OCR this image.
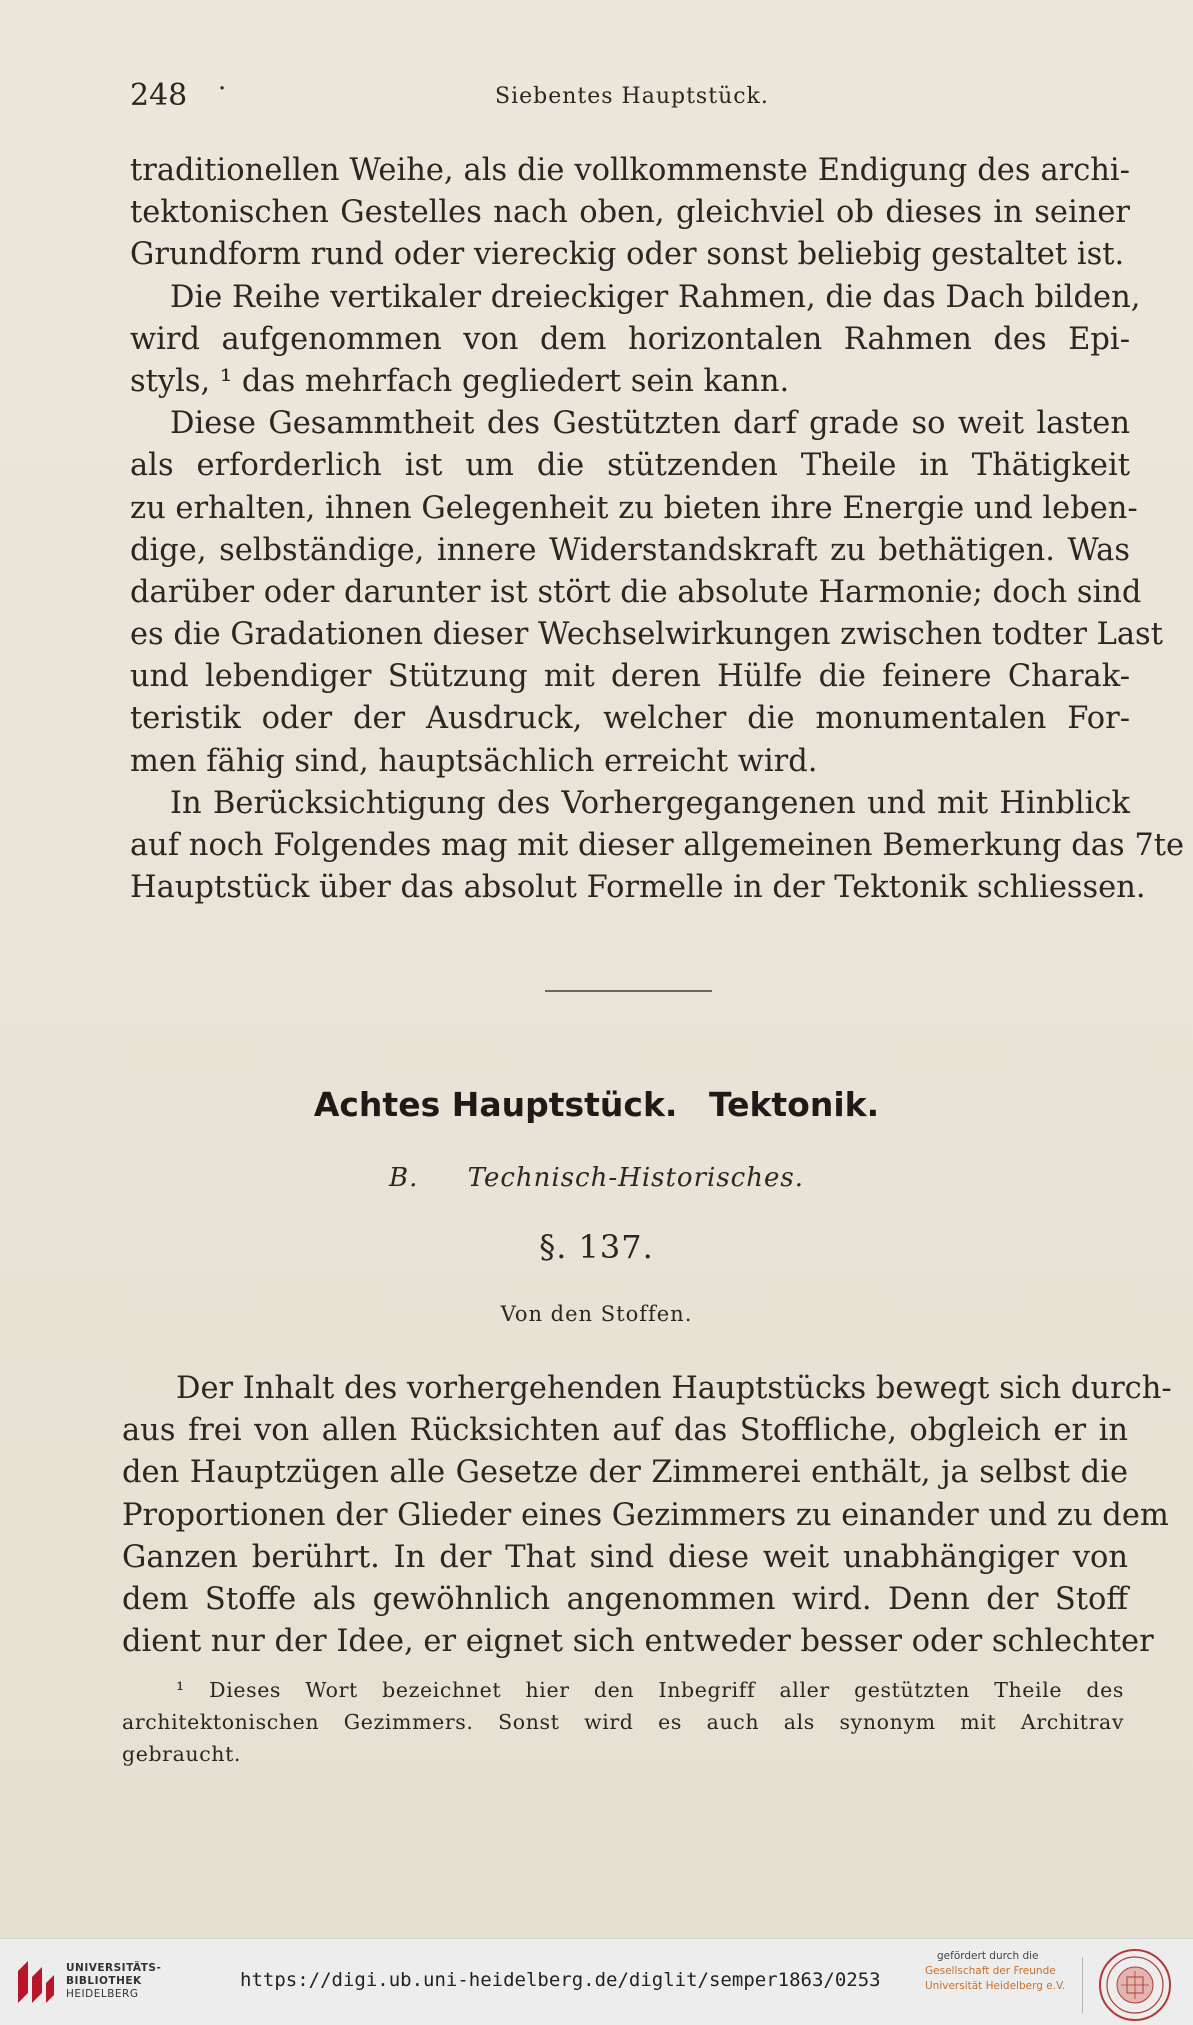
248 ·	Siebentes Hauptstück.
traditionellen Weihe, als die vollkommenste Endigung des archi-
tektonischen Gestelles nach oben, gleichviel ob dieses in seiner
Grundform rund oder viereckig oder sonst beliebig gestaltet ist.
Die Reihe vertikaler dreieckiger Rahmen, die das Dach bilden,
wird aufgenommen von dem horizontalen Rahmen des Epi-
styls, ¹ das mehrfach gegliedert sein kann.
Diese Gesammtheit des Gestützten darf grade so weit lasten
als erforderlich ist um die stützenden Theile in Thätigkeit
zu erhalten, ihnen Gelegenheit zu bieten ihre Energie und leben-
dige, selbständige, innere Widerstandskraft zu bethätigen. Was
darüber oder darunter ist stört die absolute Harmonie; doch sind
es die Gradationen dieser Wechselwirkungen zwischen todter Last
und lebendiger Stützung mit deren Hülfe die feinere Charak-
teristik oder der Ausdruck, welcher die monumentalen For-
men fähig sind, hauptsächlich erreicht wird.
In Berücksichtigung des Vorhergegangenen und mit Hinblick
auf noch Folgendes mag mit dieser allgemeinen Bemerkung das 7te
Hauptstück über das absolut Formelle in der Tektonik schliessen.
Achtes Hauptstück. Tektonik.
B. Technisch-Historisches.
§. 137.
Von den Stoffen.
Der Inhalt des vorhergehenden Hauptstücks bewegt sich durch-
aus frei von allen Rücksichten auf das Stoffliche, obgleich er in
den Hauptzügen alle Gesetze der Zimmerei enthält, ja selbst die
Proportionen der Glieder eines Gezimmers zu einander und zu dem
Ganzen berührt. In der That sind diese weit unabhängiger von
dem Stoffe als gewöhnlich angenommen wird. Denn der Stoff
dient nur der Idee, er eignet sich entweder besser oder schlechter
¹ Dieses Wort bezeichnet hier den Inbegriff aller gestützten Theile des
architektonischen Gezimmers. Sonst wird es auch als synonym mit Architrav
gebraucht.
UNIVERSITÄTS-
BIBLIOTHEK
HEIDELBERG
https://digi.ub.uni-heidelberg.de/diglit/semper1863/0253
gefördert durch die
Gesellschaft der Freunde
Universität Heidelberg e.V.
